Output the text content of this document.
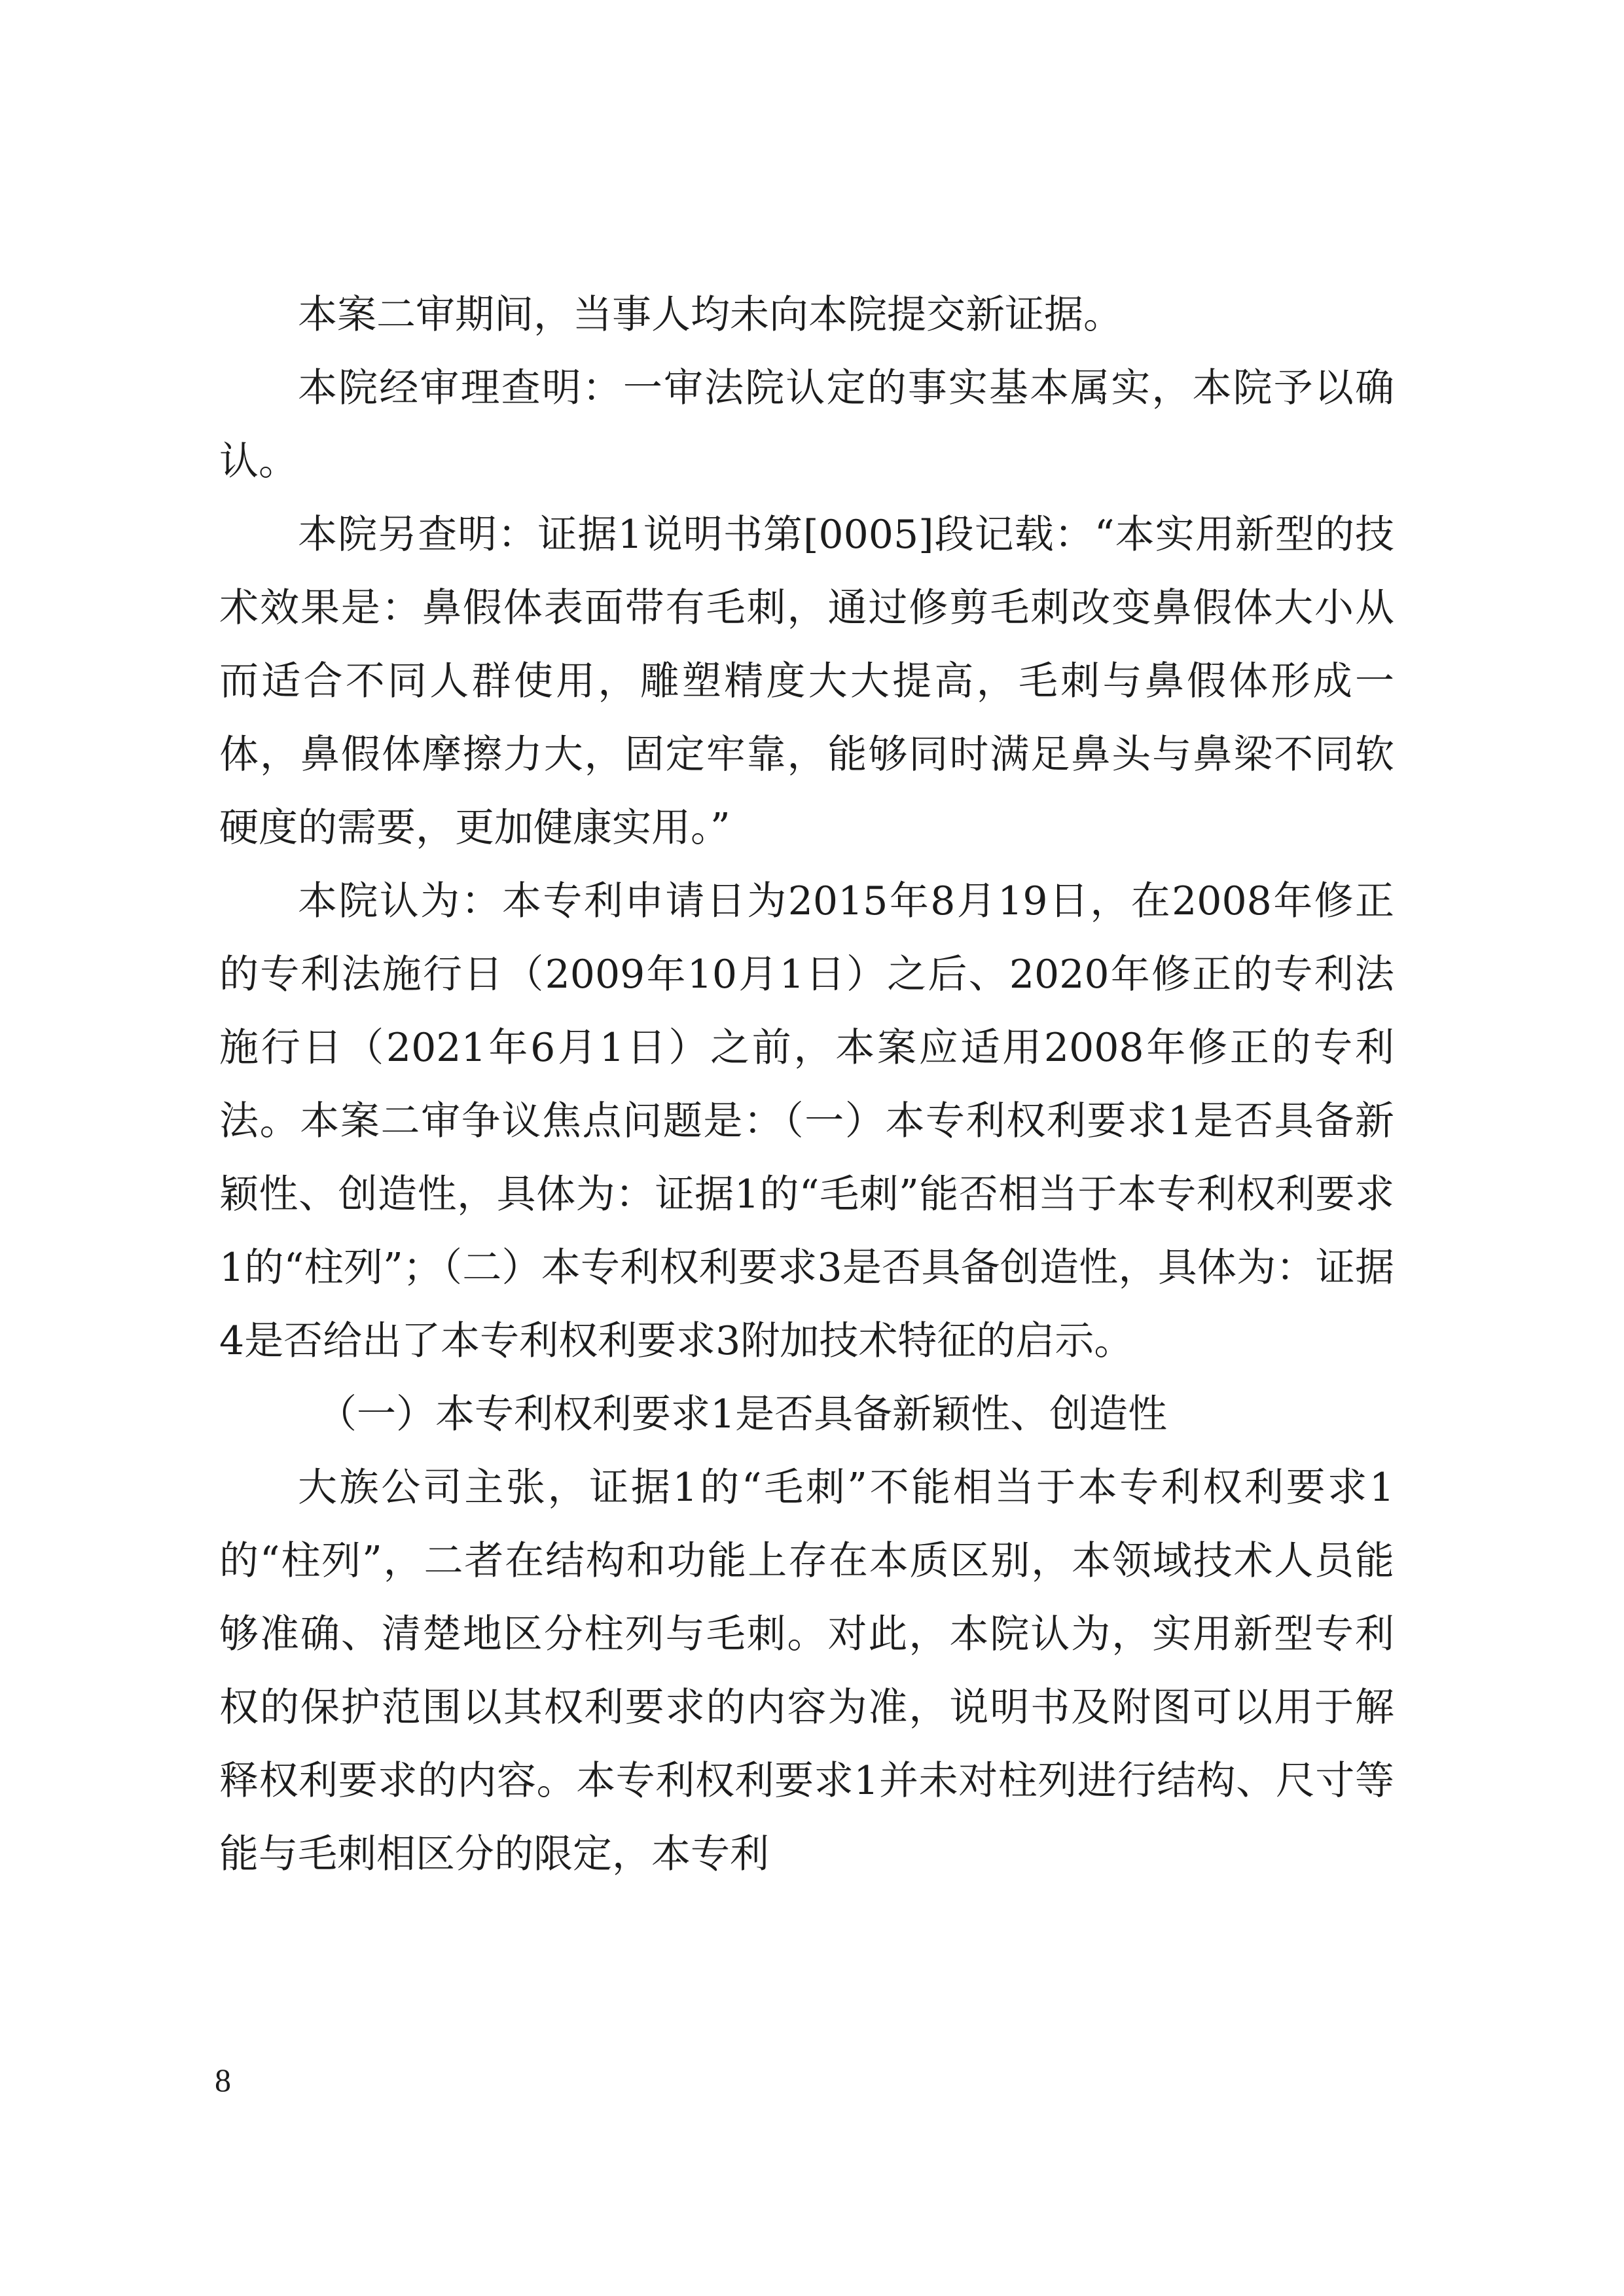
本案二审期间，当事人均未向本院提交新证据。

本院经审理查明：一审法院认定的事实基本属实，本院予以确认。

本院另查明：证据1说明书第[0005]段记载：“本实用新型的技术效果是：鼻假体表面带有毛刺，通过修剪毛刺改变鼻假体大小从而适合不同人群使用，雕塑精度大大提高，毛刺与鼻假体形成一体，鼻假体摩擦力大，固定牢靠，能够同时满足鼻头与鼻梁不同软硬度的需要，更加健康实用。”

本院认为：本专利申请日为2015年8月19日，在2008年修正的专利法施行日（2009年10月1日）之后、2020年修正的专利法施行日（2021年6月1日）之前，本案应适用2008年修正的专利法。本案二审争议焦点问题是：（一）本专利权利要求1是否具备新颖性、创造性，具体为：证据1的“毛刺”能否相当于本专利权利要求1的“柱列”；（二）本专利权利要求3是否具备创造性，具体为：证据4是否给出了本专利权利要求3附加技术特征的启示。

（一）本专利权利要求1是否具备新颖性、创造性

大族公司主张，证据1的“毛刺”不能相当于本专利权利要求1的“柱列”，二者在结构和功能上存在本质区别，本领域技术人员能够准确、清楚地区分柱列与毛刺。对此，本院认为，实用新型专利权的保护范围以其权利要求的内容为准，说明书及附图可以用于解释权利要求的内容。本专利权利要求1并未对柱列进行结构、尺寸等能与毛刺相区分的限定，本专利

8
